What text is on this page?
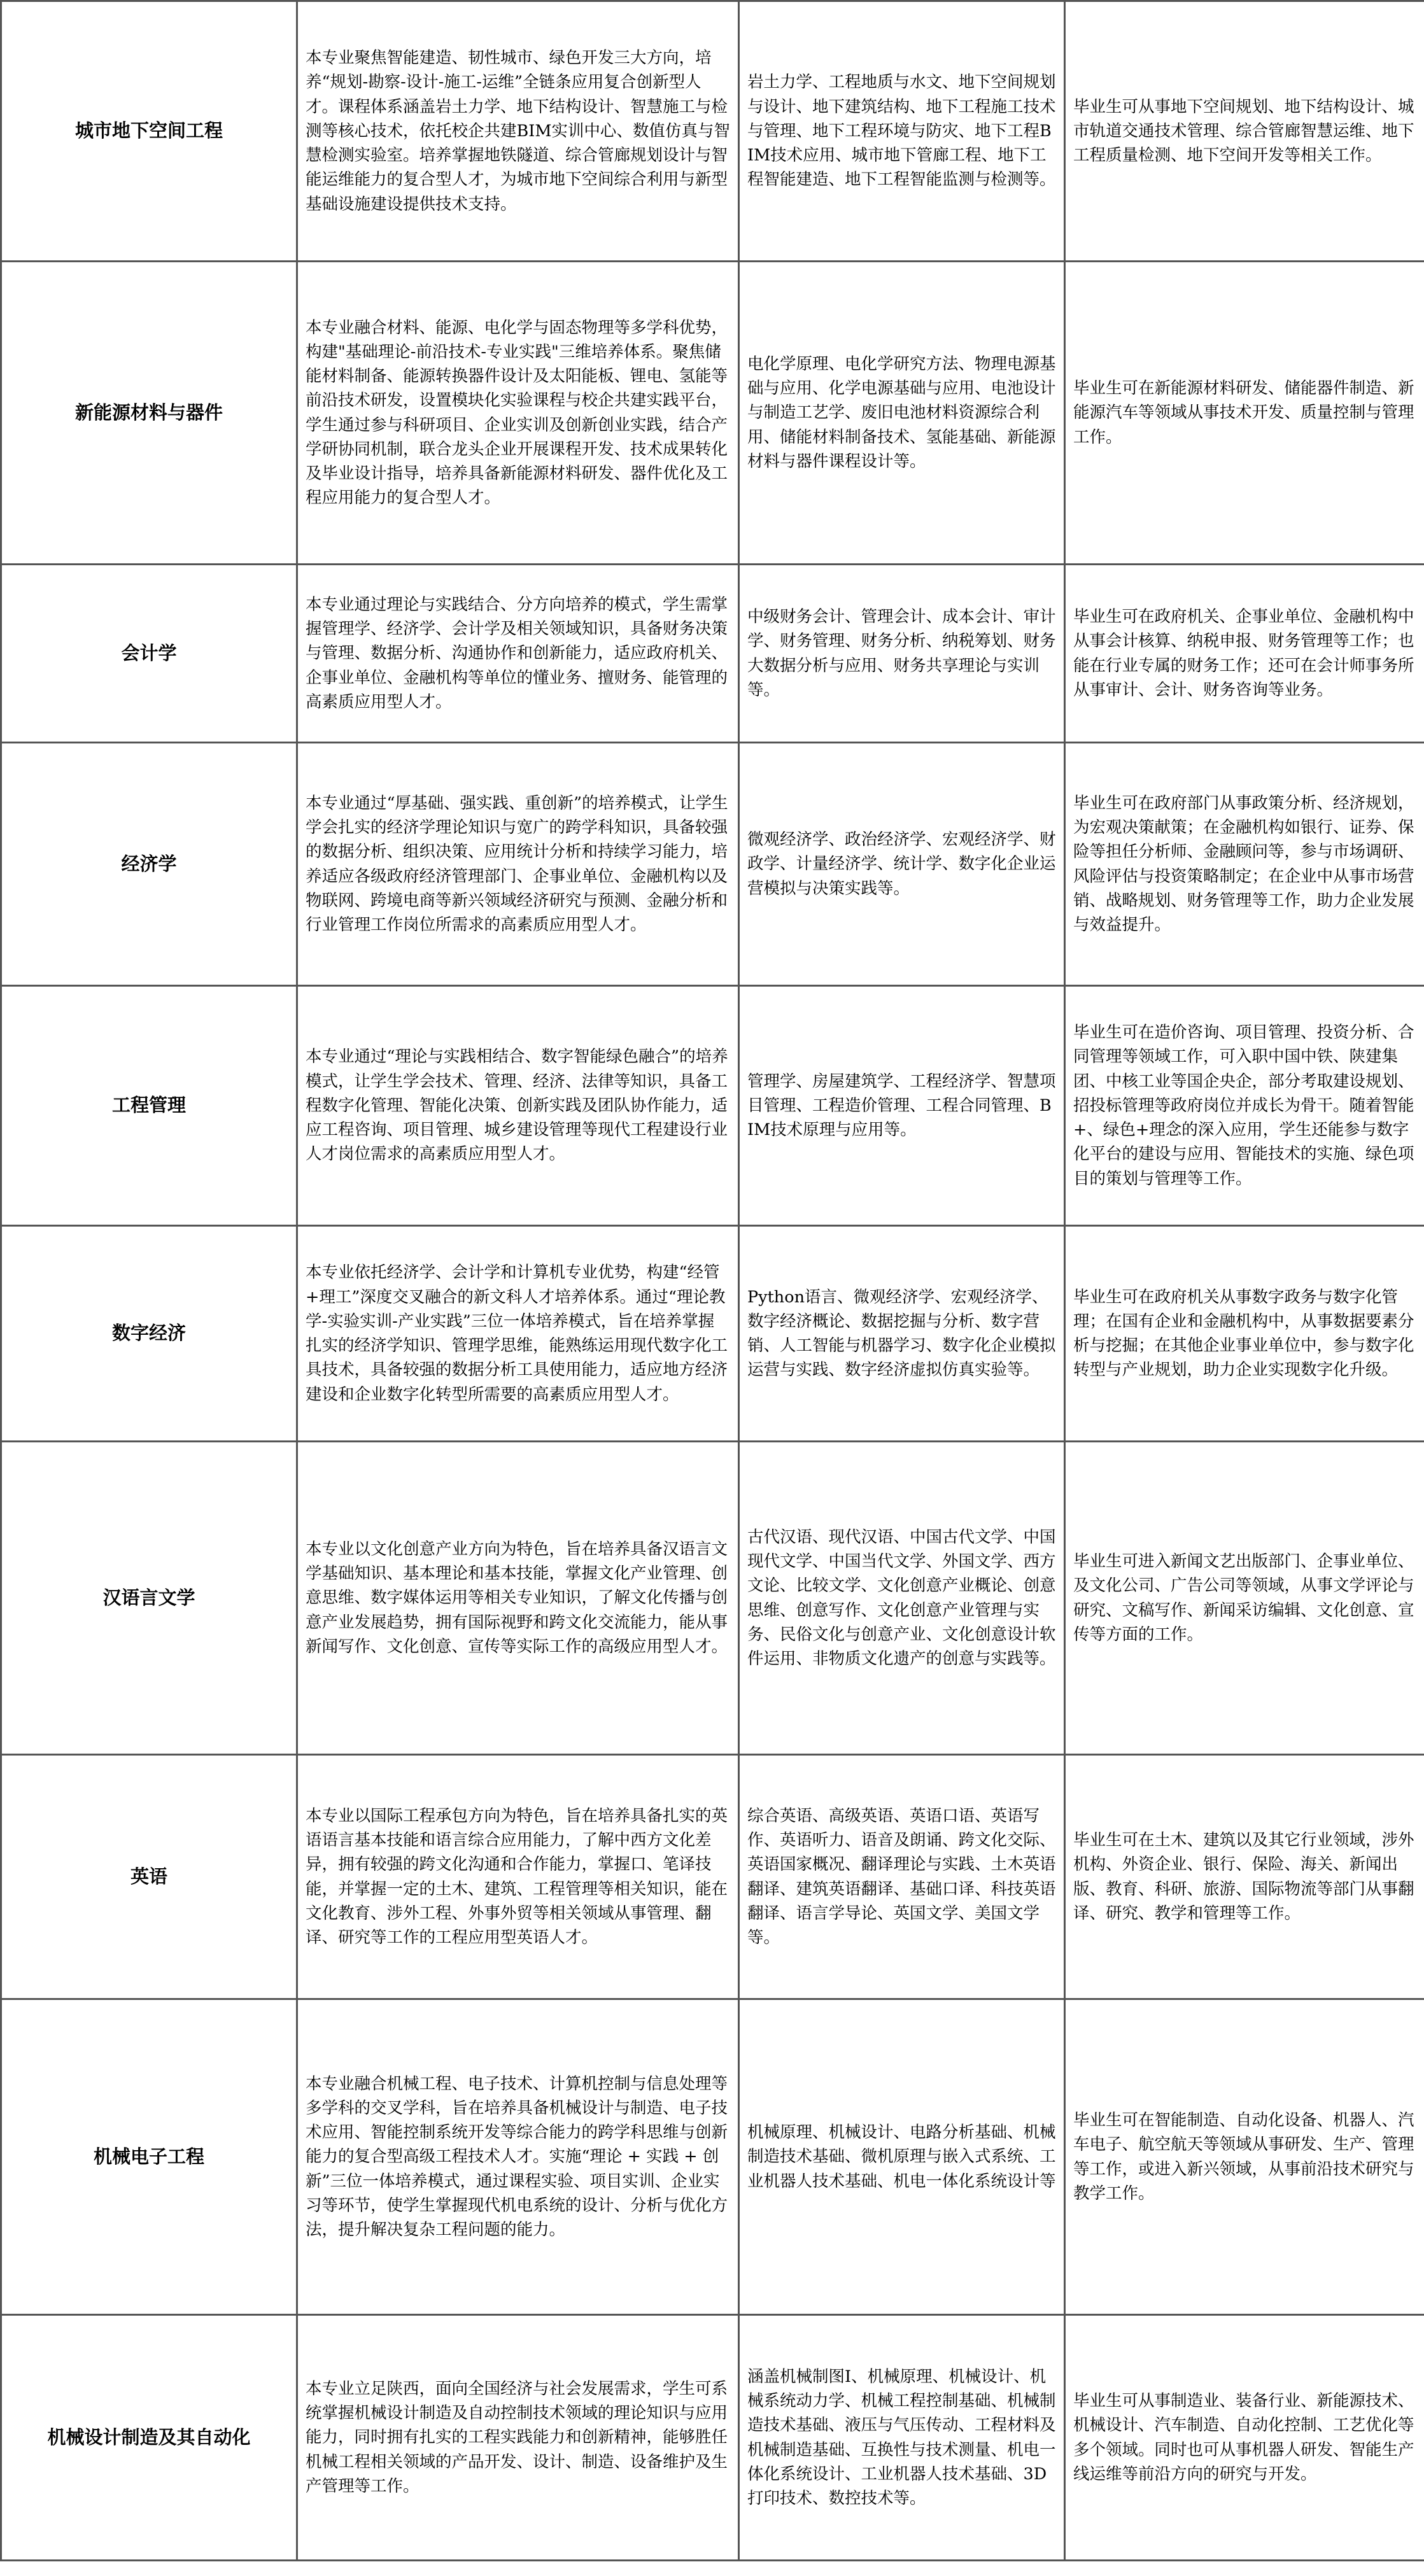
城市地下空间工程	本专业聚焦智能建造、韧性城市、绿色开发三大方向，培养“规划-勘察-设计-施工-运维”全链条应用复合创新型人才。课程体系涵盖岩土力学、地下结构设计、智慧施工与检测等核心技术，依托校企共建BIM实训中心、数值仿真与智慧检测实验室。培养掌握地铁隧道、综合管廊规划设计与智能运维能力的复合型人才，为城市地下空间综合利用与新型基础设施建设提供技术支持。	岩土力学、工程地质与水文、地下空间规划与设计、地下建筑结构、地下工程施工技术与管理、地下工程环境与防灾、地下工程BIM技术应用、城市地下管廊工程、地下工程智能建造、地下工程智能监测与检测等。	毕业生可从事地下空间规划、地下结构设计、城市轨道交通技术管理、综合管廊智慧运维、地下工程质量检测、地下空间开发等相关工作。
新能源材料与器件	本专业融合材料、能源、电化学与固态物理等多学科优势，构建"基础理论-前沿技术-专业实践"三维培养体系。聚焦储能材料制备、能源转换器件设计及太阳能板、锂电、氢能等前沿技术研发，设置模块化实验课程与校企共建实践平台，学生通过参与科研项目、企业实训及创新创业实践，结合产学研协同机制，联合龙头企业开展课程开发、技术成果转化及毕业设计指导，培养具备新能源材料研发、器件优化及工程应用能力的复合型人才。	电化学原理、电化学研究方法、物理电源基础与应用、化学电源基础与应用、电池设计与制造工艺学、废旧电池材料资源综合利用、储能材料制备技术、氢能基础、新能源材料与器件课程设计等。	毕业生可在新能源材料研发、储能器件制造、新能源汽车等领域从事技术开发、质量控制与管理工作。
会计学	本专业通过理论与实践结合、分方向培养的模式，学生需掌握管理学、经济学、会计学及相关领域知识，具备财务决策与管理、数据分析、沟通协作和创新能力，适应政府机关、企事业单位、金融机构等单位的懂业务、擅财务、能管理的高素质应用型人才。	中级财务会计、管理会计、成本会计、审计学、财务管理、财务分析、纳税筹划、财务大数据分析与应用、财务共享理论与实训等。	毕业生可在政府机关、企事业单位、金融机构中从事会计核算、纳税申报、财务管理等工作；也能在行业专属的财务工作；还可在会计师事务所从事审计、会计、财务咨询等业务。
经济学	本专业通过“厚基础、强实践、重创新”的培养模式，让学生学会扎实的经济学理论知识与宽广的跨学科知识，具备较强的数据分析、组织决策、应用统计分析和持续学习能力，培养适应各级政府经济管理部门、企事业单位、金融机构以及物联网、跨境电商等新兴领域经济研究与预测、金融分析和行业管理工作岗位所需求的高素质应用型人才。	微观经济学、政治经济学、宏观经济学、财政学、计量经济学、统计学、数字化企业运营模拟与决策实践等。	毕业生可在政府部门从事政策分析、经济规划，为宏观决策献策；在金融机构如银行、证券、保险等担任分析师、金融顾问等，参与市场调研、风险评估与投资策略制定；在企业中从事市场营销、战略规划、财务管理等工作，助力企业发展与效益提升。
工程管理	本专业通过“理论与实践相结合、数字智能绿色融合”的培养模式，让学生学会技术、管理、经济、法律等知识，具备工程数字化管理、智能化决策、创新实践及团队协作能力，适应工程咨询、项目管理、城乡建设管理等现代工程建设行业人才岗位需求的高素质应用型人才。	管理学、房屋建筑学、工程经济学、智慧项目管理、工程造价管理、工程合同管理、BIM技术原理与应用等。	毕业生可在造价咨询、项目管理、投资分析、合同管理等领域工作，可入职中国中铁、陕建集团、中核工业等国企央企，部分考取建设规划、招投标管理等政府岗位并成长为骨干。随着智能+、绿色+理念的深入应用，学生还能参与数字化平台的建设与应用、智能技术的实施、绿色项目的策划与管理等工作。
数字经济	本专业依托经济学、会计学和计算机专业优势，构建“经管+理工”深度交叉融合的新文科人才培养体系。通过“理论教学-实验实训-产业实践”三位一体培养模式，旨在培养掌握扎实的经济学知识、管理学思维，能熟练运用现代数字化工具技术，具备较强的数据分析工具使用能力，适应地方经济建设和企业数字化转型所需要的高素质应用型人才。	Python语言、微观经济学、宏观经济学、数字经济概论、数据挖掘与分析、数字营销、人工智能与机器学习、数字化企业模拟运营与实践、数字经济虚拟仿真实验等。	毕业生可在政府机关从事数字政务与数字化管理；在国有企业和金融机构中，从事数据要素分析与挖掘；在其他企业事业单位中，参与数字化转型与产业规划，助力企业实现数字化升级。
汉语言文学	本专业以文化创意产业方向为特色，旨在培养具备汉语言文学基础知识、基本理论和基本技能，掌握文化产业管理、创意思维、数字媒体运用等相关专业知识，了解文化传播与创意产业发展趋势，拥有国际视野和跨文化交流能力，能从事新闻写作、文化创意、宣传等实际工作的高级应用型人才。	古代汉语、现代汉语、中国古代文学、中国现代文学、中国当代文学、外国文学、西方文论、比较文学、文化创意产业概论、创意思维、创意写作、文化创意产业管理与实务、民俗文化与创意产业、文化创意设计软件运用、非物质文化遗产的创意与实践等。	毕业生可进入新闻文艺出版部门、企事业单位、及文化公司、广告公司等领域，从事文学评论与研究、文稿写作、新闻采访编辑、文化创意、宣传等方面的工作。
英语	本专业以国际工程承包方向为特色，旨在培养具备扎实的英语语言基本技能和语言综合应用能力，了解中西方文化差异，拥有较强的跨文化沟通和合作能力，掌握口、笔译技能，并掌握一定的土木、建筑、工程管理等相关知识，能在文化教育、涉外工程、外事外贸等相关领域从事管理、翻译、研究等工作的工程应用型英语人才。	综合英语、高级英语、英语口语、英语写作、英语听力、语音及朗诵、跨文化交际、英语国家概况、翻译理论与实践、土木英语翻译、建筑英语翻译、基础口译、科技英语翻译、语言学导论、英国文学、美国文学等。	毕业生可在土木、建筑以及其它行业领域，涉外机构、外资企业、银行、保险、海关、新闻出版、教育、科研、旅游、国际物流等部门从事翻译、研究、教学和管理等工作。
机械电子工程	本专业融合机械工程、电子技术、计算机控制与信息处理等多学科的交叉学科，旨在培养具备机械设计与制造、电子技术应用、智能控制系统开发等综合能力的跨学科思维与创新能力的复合型高级工程技术人才。实施“理论 + 实践 + 创新”三位一体培养模式，通过课程实验、项目实训、企业实习等环节，使学生掌握现代机电系统的设计、分析与优化方法，提升解决复杂工程问题的能力。	机械原理、机械设计、电路分析基础、机械制造技术基础、微机原理与嵌入式系统、工业机器人技术基础、机电一体化系统设计等	毕业生可在智能制造、自动化设备、机器人、汽车电子、航空航天等领域从事研发、生产、管理等工作，或进入新兴领域，从事前沿技术研究与教学工作。
机械设计制造及其自动化	本专业立足陕西，面向全国经济与社会发展需求，学生可系统掌握机械设计制造及自动控制技术领域的理论知识与应用能力，同时拥有扎实的工程实践能力和创新精神，能够胜任机械工程相关领域的产品开发、设计、制造、设备维护及生产管理等工作。	涵盖机械制图Ⅰ、机械原理、机械设计、机械系统动力学、机械工程控制基础、机械制造技术基础、液压与气压传动、工程材料及机械制造基础、互换性与技术测量、机电一体化系统设计、工业机器人技术基础、3D打印技术、数控技术等。	毕业生可从事制造业、装备行业、新能源技术、机械设计、汽车制造、自动化控制、工艺优化等多个领域。同时也可从事机器人研发、智能生产线运维等前沿方向的研究与开发。
